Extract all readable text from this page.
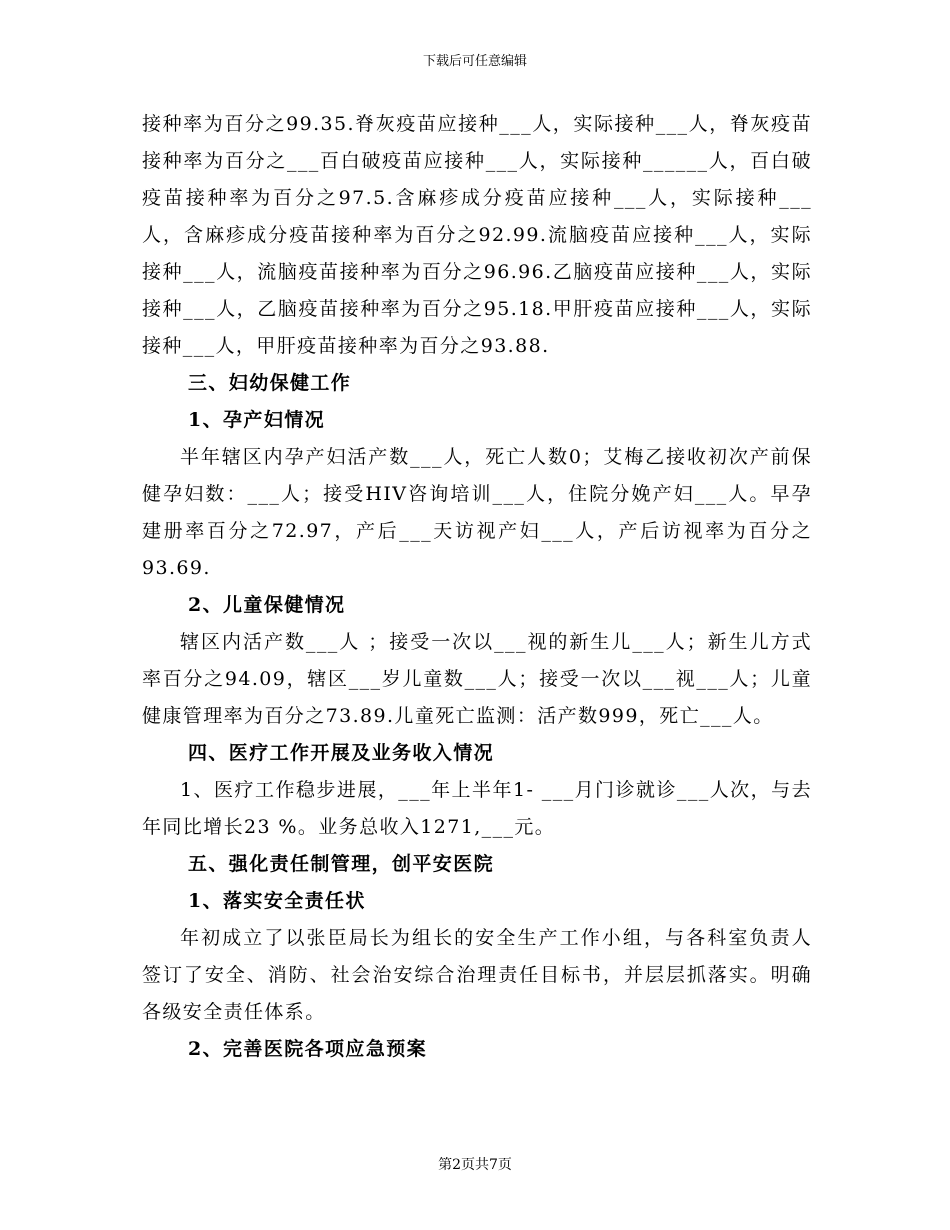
下载后可任意编辑

接种率为百分之99.35.脊灰疫苗应接种___人，实际接种___人，脊灰疫苗接种率为百分之___百白破疫苗应接种___人，实际接种______人，百白破疫苗接种率为百分之97.5.含麻疹成分疫苗应接种___人，实际接种___人，含麻疹成分疫苗接种率为百分之92.99.流脑疫苗应接种___人，实际接种___人，流脑疫苗接种率为百分之96.96.乙脑疫苗应接种___人，实际接种___人，乙脑疫苗接种率为百分之95.18.甲肝疫苗应接种___人，实际接种___人，甲肝疫苗接种率为百分之93.88.

三、妇幼保健工作

1、孕产妇情况

半年辖区内孕产妇活产数___人，死亡人数0；艾梅乙接收初次产前保健孕妇数：___人；接受HIV咨询培训___人，住院分娩产妇___人。早孕建册率百分之72.97，产后___天访视产妇___人，产后访视率为百分之93.69.

2、儿童保健情况

辖区内活产数___人 ；接受一次以___视的新生儿___人；新生儿方式率百分之94.09，辖区___岁儿童数___人；接受一次以___视___人；儿童健康管理率为百分之73.89.儿童死亡监测：活产数999，死亡___人。

四、医疗工作开展及业务收入情况

1、医疗工作稳步进展，___年上半年1- ___月门诊就诊___人次，与去年同比增长23 %。业务总收入1271,___元。

五、强化责任制管理，创平安医院

1、落实安全责任状

年初成立了以张臣局长为组长的安全生产工作小组，与各科室负责人签订了安全、消防、社会治安综合治理责任目标书，并层层抓落实。明确各级安全责任体系。

2、完善医院各项应急预案

第2页共7页
